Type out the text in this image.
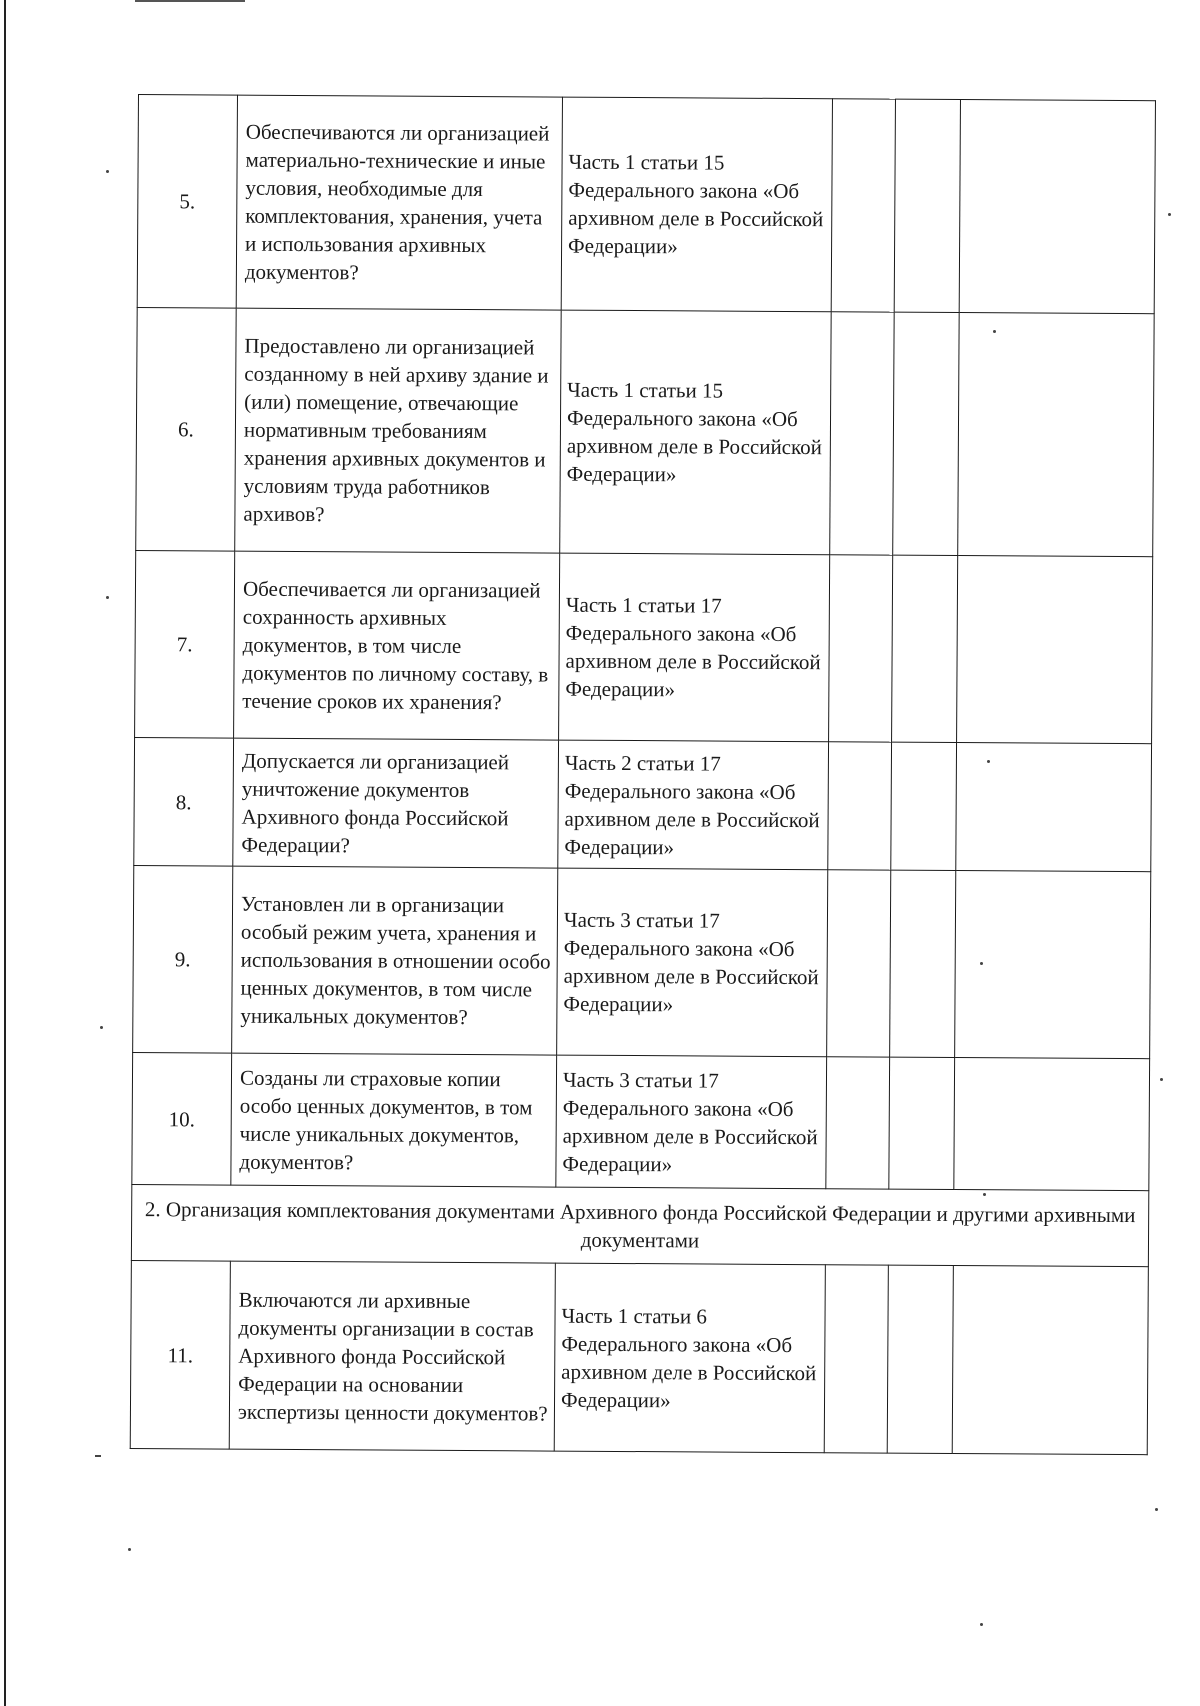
5.	Обеспечиваются ли организацией материально-технические и иные условия, необходимые для комплектования, хранения, учета и использования архивных документов?	Часть 1 статьи 15 Федерального закона «Об архивном деле в Российской Федерации»			
6.	Предоставлено ли организацией созданному в ней архиву здание и (или) помещение, отвечающие нормативным требованиям хранения архивных документов и условиям труда работников архивов?	Часть 1 статьи 15 Федерального закона «Об архивном деле в Российской Федерации»			
7.	Обеспечивается ли организацией сохранность архивных документов, в том числе документов по личному составу, в течение сроков их хранения?	Часть 1 статьи 17 Федерального закона «Об архивном деле в Российской Федерации»			
8.	Допускается ли организацией уничтожение документов Архивного фонда Российской Федерации?	Часть 2 статьи 17 Федерального закона «Об архивном деле в Российской Федерации»			
9.	Установлен ли в организации особый режим учета, хранения и использования в отношении особо ценных документов, в том числе уникальных документов?	Часть 3 статьи 17 Федерального закона «Об архивном деле в Российской Федерации»			
10.	Созданы ли страховые копии особо ценных документов, в том числе уникальных документов, документов?	Часть 3 статьи 17 Федерального закона «Об архивном деле в Российской Федерации»			
2. Организация комплектования документами Архивного фонда Российской Федерации и другими архивными документами					
11.	Включаются ли архивные документы организации в состав Архивного фонда Российской Федерации на основании экспертизы ценности документов?	Часть 1 статьи 6 Федерального закона «Об архивном деле в Российской Федерации»			
